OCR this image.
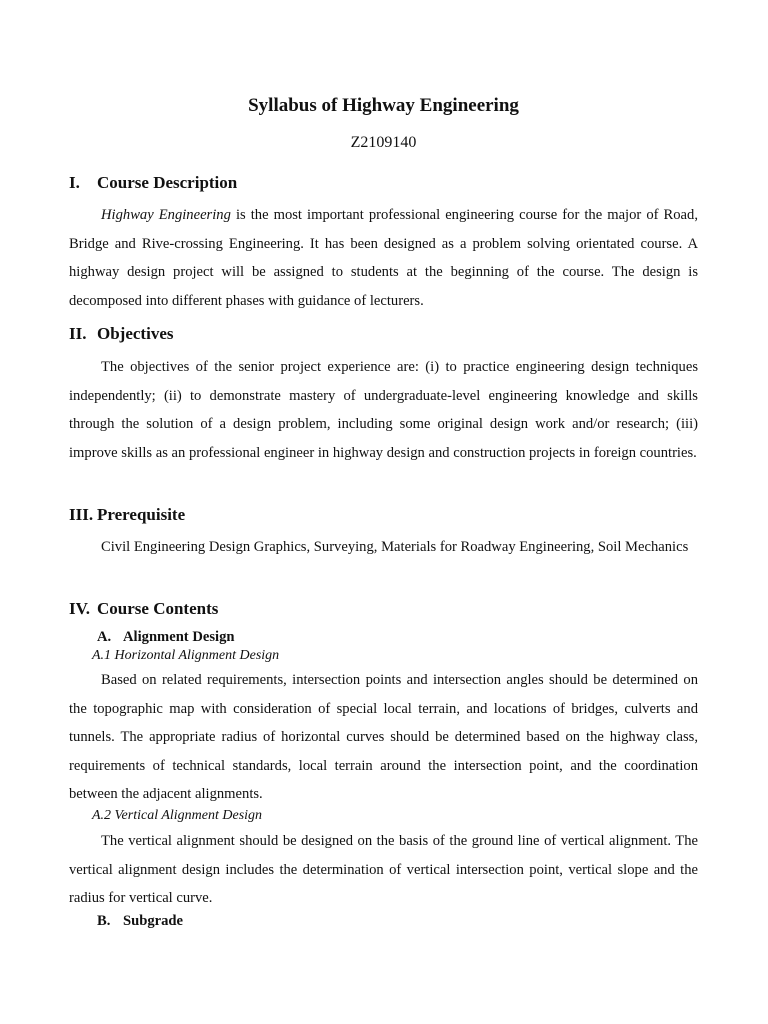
Syllabus of Highway Engineering
Z2109140
I. Course Description
Highway Engineering is the most important professional engineering course for the major of Road, Bridge and Rive-crossing Engineering. It has been designed as a problem solving orientated course. A highway design project will be assigned to students at the beginning of the course. The design is decomposed into different phases with guidance of lecturers.
II. Objectives
The objectives of the senior project experience are: (i) to practice engineering design techniques independently; (ii) to demonstrate mastery of undergraduate-level engineering knowledge and skills through the solution of a design problem, including some original design work and/or research; (iii) improve skills as an professional engineer in highway design and construction projects in foreign countries.
III. Prerequisite
Civil Engineering Design Graphics, Surveying, Materials for Roadway Engineering, Soil Mechanics
IV. Course Contents
A. Alignment Design
A.1 Horizontal Alignment Design
Based on related requirements, intersection points and intersection angles should be determined on the topographic map with consideration of special local terrain, and locations of bridges, culverts and tunnels. The appropriate radius of horizontal curves should be determined based on the highway class, requirements of technical standards, local terrain around the intersection point, and the coordination between the adjacent alignments.
A.2 Vertical Alignment Design
The vertical alignment should be designed on the basis of the ground line of vertical alignment. The vertical alignment design includes the determination of vertical intersection point, vertical slope and the radius for vertical curve.
B. Subgrade
